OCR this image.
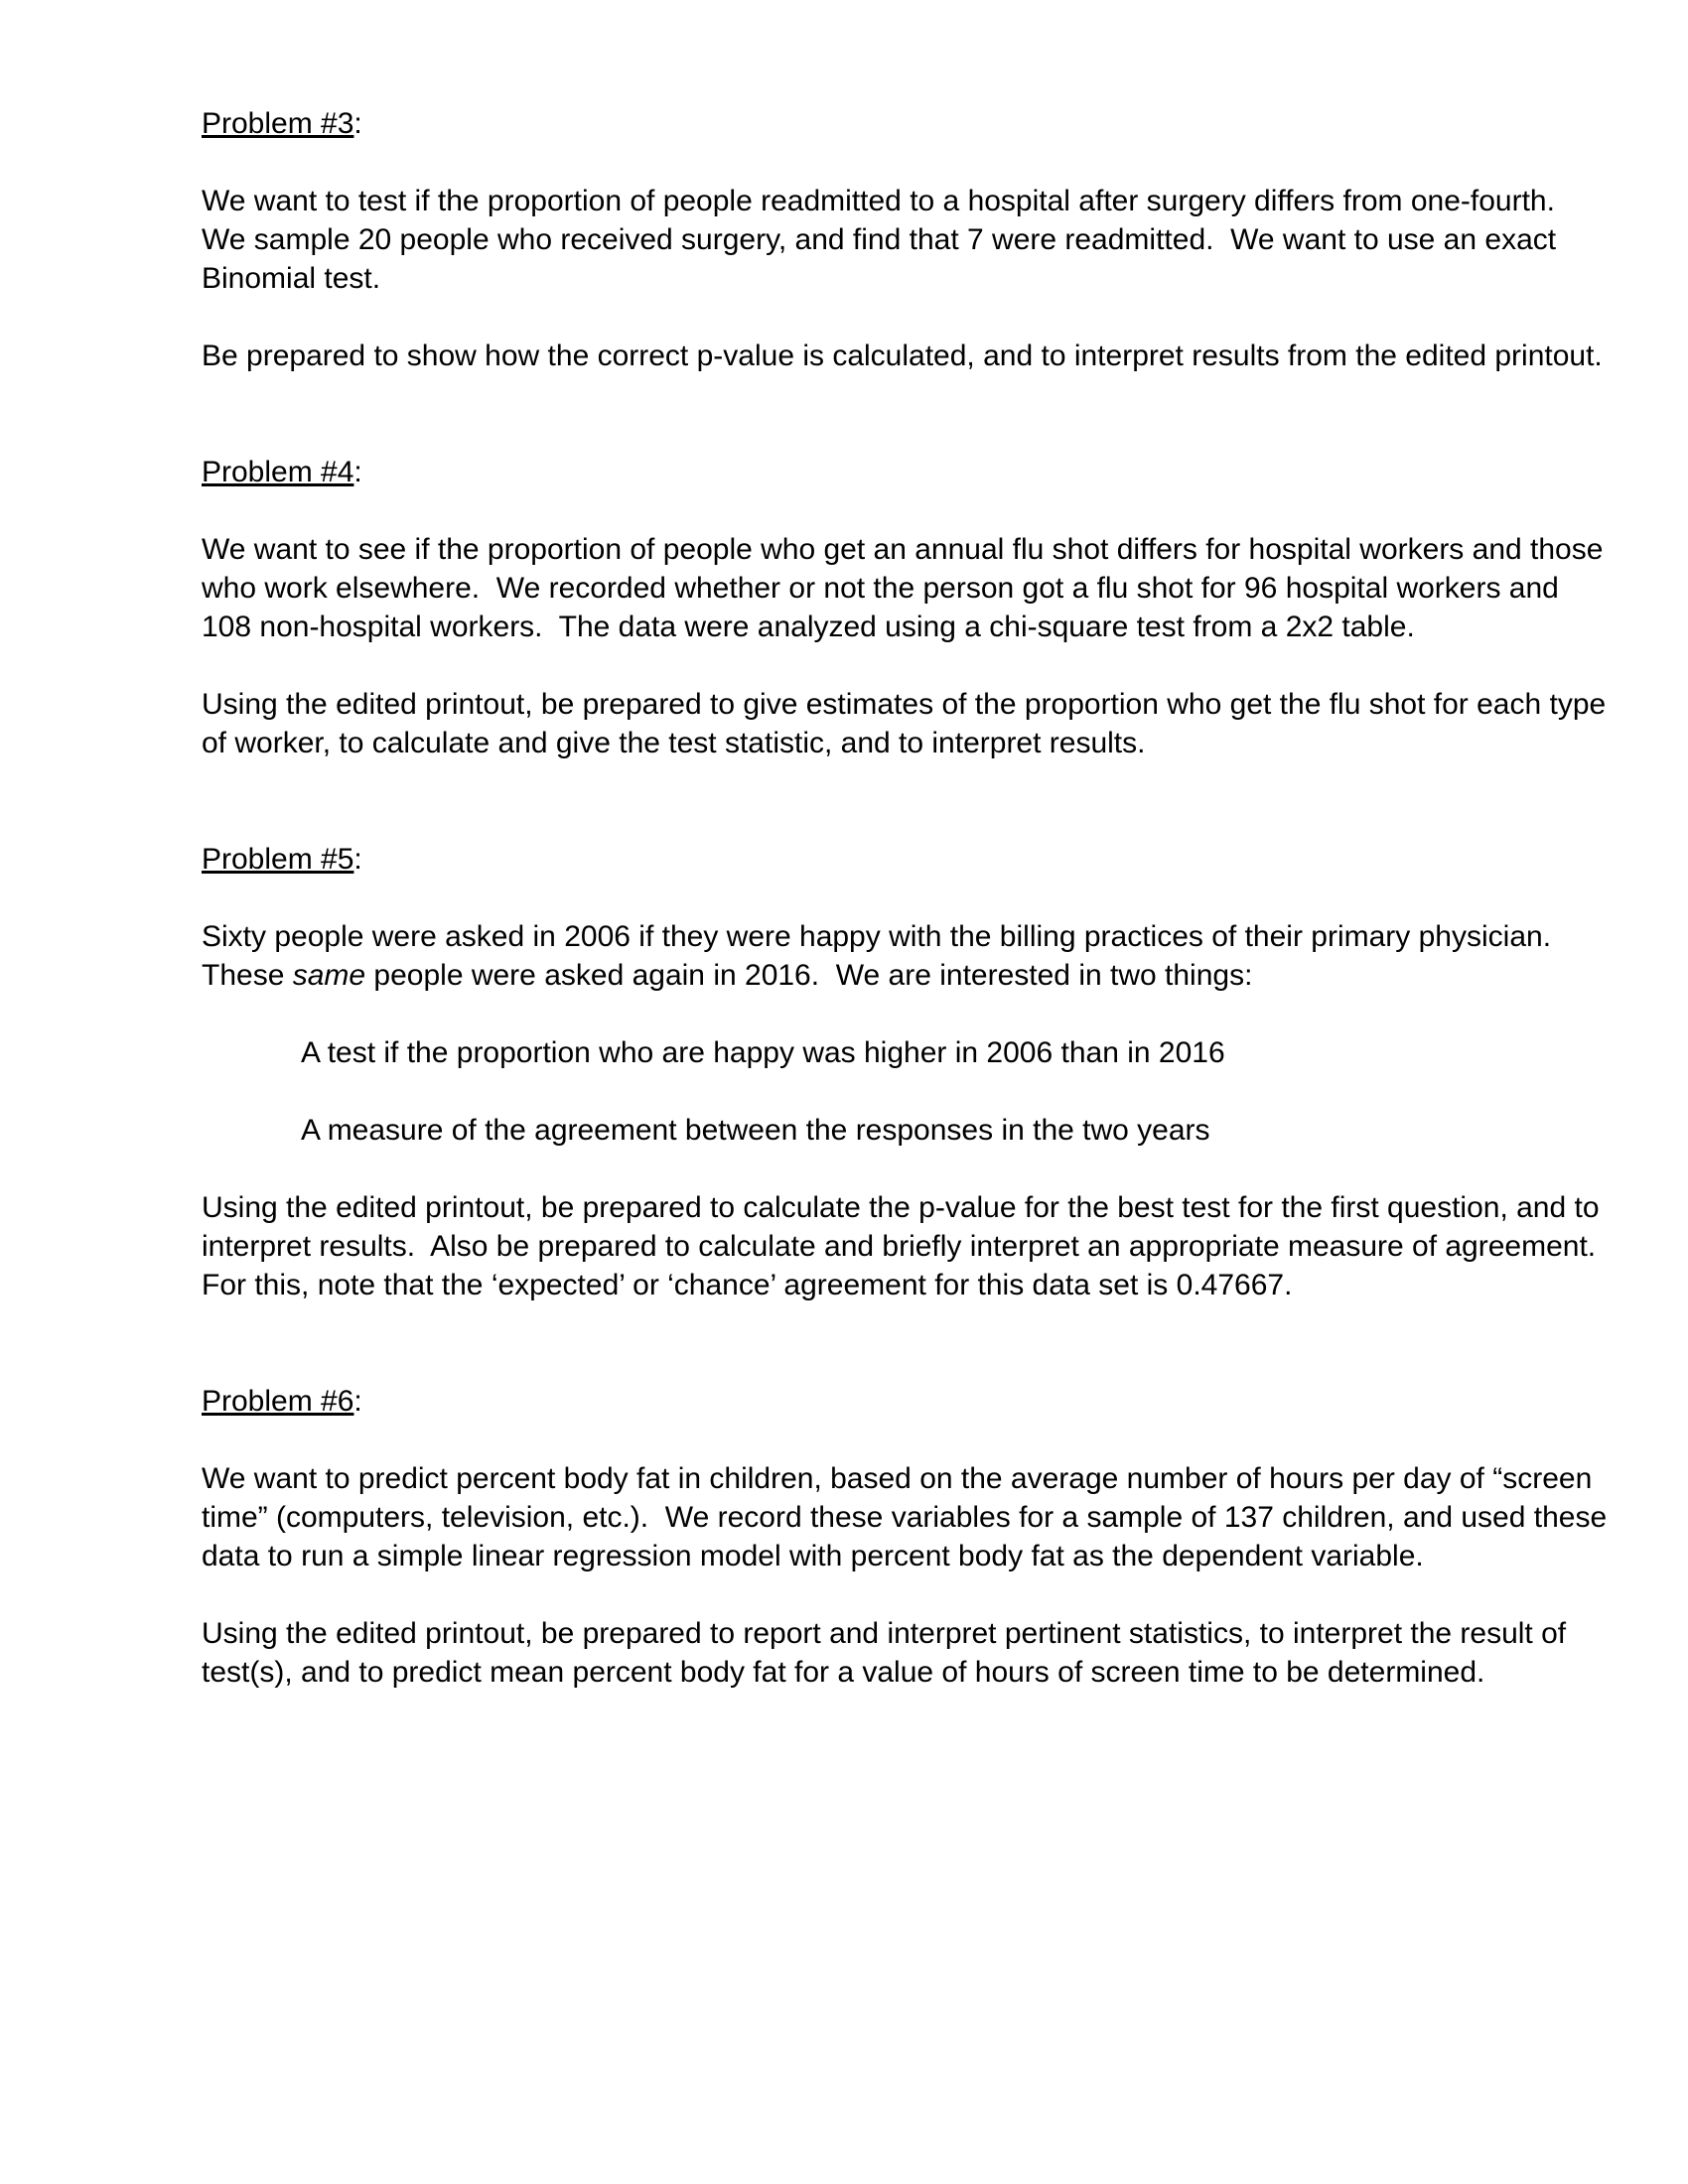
Problem #3:

We want to test if the proportion of people readmitted to a hospital after surgery differs from one-fourth.  We sample 20 people who received surgery, and find that 7 were readmitted.  We want to use an exact Binomial test.

Be prepared to show how the correct p-value is calculated, and to interpret results from the edited printout.

Problem #4:

We want to see if the proportion of people who get an annual flu shot differs for hospital workers and those who work elsewhere.  We recorded whether or not the person got a flu shot for 96 hospital workers and 108 non-hospital workers.  The data were analyzed using a chi-square test from a 2x2 table.

Using the edited printout, be prepared to give estimates of the proportion who get the flu shot for each type of worker, to calculate and give the test statistic, and to interpret results.

Problem #5:

Sixty people were asked in 2006 if they were happy with the billing practices of their primary physician.  These same people were asked again in 2016.  We are interested in two things:

A test if the proportion who are happy was higher in 2006 than in 2016

A measure of the agreement between the responses in the two years

Using the edited printout, be prepared to calculate the p-value for the best test for the first question, and to interpret results.  Also be prepared to calculate and briefly interpret an appropriate measure of agreement.  For this, note that the ‘expected’ or ‘chance’ agreement for this data set is 0.47667.

Problem #6:

We want to predict percent body fat in children, based on the average number of hours per day of “screen time” (computers, television, etc.).  We record these variables for a sample of 137 children, and used these data to run a simple linear regression model with percent body fat as the dependent variable.

Using the edited printout, be prepared to report and interpret pertinent statistics, to interpret the result of test(s), and to predict mean percent body fat for a value of hours of screen time to be determined.
